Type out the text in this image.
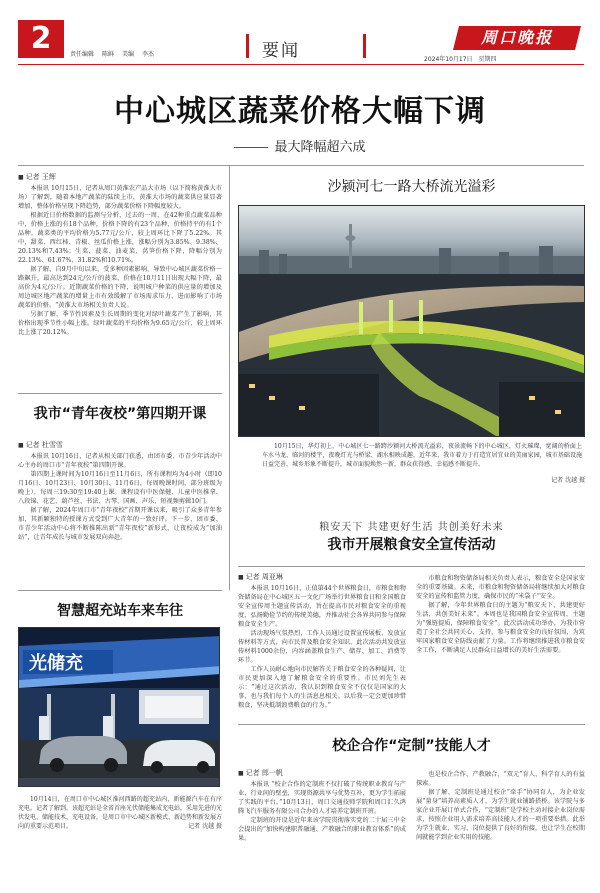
2	责任编辑 陈鲜 美编 李杰	要闻
周口晚报
2024年10月17日 星期四
中心城区蔬菜价格大幅下调
最大降幅超六成
■ 记者 王辉

本报讯 10月15日，记者从周口黄淮农产品大市场（以下简称黄淮大市场）了解到，随着本地产蔬菜的陆续上市，黄淮大市场的蔬菜供应量显著增加，整体价格呈现下降趋势，部分蔬菜价格下降幅度较大。

根据近日价格数据的监测与分析，过去的一周，在42种重点蔬菜品种中，价格上涨的有18个品种，价格下降的有23个品种，价格持平的有1个品种。蔬菜类的平均价格为5.77元/公斤，较上周环比下降了5.22%。其中，甜菜、西红柿、青椒、丝瓜价格上涨，涨幅分别为3.85%、9.38%、20.13%和7.43%；生菜、菠菜、油麦菜、莴笋价格下降，降幅分别为22.13%、61.67%、31.82%和10.71%。

据了解，自9月中旬以来，受多种因素影响，导致中心城区蔬菜价格一路飙升，最高达到24元/公斤的菠菜，价格在10月11日出现大幅下降，最高价为4元/公斤。近期蔬菜价格的下降，说明城户种菜的供应量的增加及周边城区地产蔬菜的增量上市有效缓解了市场需求压力，进而影响了市场蔬菜的价格。“黄淮大市场相关负责人说。

另据了解，季节性因素及生长周期的变化对绿叶蔬菜产生了影响，其价格出现季节性小幅上涨。绿叶蔬菜的平均价格为9.65元/公斤，较上周环比上涨了20.12%。

我市“青年夜校”第四期开课
■ 记者 杜雪雪

本报讯 10月16日，记者从相关部门获悉，由团市委、市青少年活动中心主办的周口市“青年夜校”第四期开课。

第四期上课时间为10月16日至11月6日，所有课程均为4小时（即10月16日、10月23日、10月30日、11月6日，每周晚课时间，部分班级为晚上），每周三19:30至19:40上课。课程设有中医保健、儿童中医推拿、八段锦、花艺、葫芦丝、书法、古琴、国画、声乐、短视频剪辑10门。

据了解，2024年周口市“青年夜校”首期开课以来，吸引了众多青年参加，其新颖独特的授课方式受到广大青年的一致好评。下一步，团市委、市青少年活动中心将不断推陈出新“青年夜校”新形式，让夜校成为“加油站”，让青年成长与城市发展双向奔赴。

智慧超充站车来车往
光储充
10月14日，在周口市中心城区淮河西路的超充站内，新能源汽车在有序充电。记者了解到，该超充站是全省首座光伏储能集成充电站，采用先进的光伏发电、储能技术、充电设备，是周口市中心城区新模式、新趋势和新发展方向的重要示范项目。	记者 沈越 摄
沙颍河七一路大桥流光溢彩
10月15日，华灯初上，中心城区七一路跨沙颍河大桥流光溢彩，夜景流畅下的中心城区，灯火璀璨，宽阔的桥面上车水马龙，临河的楼宇，夜晚灯光与桥梁、湖水相映成趣，近年来，我市着力于打造宜居宜业的美丽家园，城市基础设施日益完善，城乡形象不断提升，城市面貌焕然一新，群众获得感、幸福感不断提升。
记者 沈越 摄
粮安天下 共建更好生活 共创美好未来
我市开展粮食安全宣传活动
■ 记者 周亚琳

本报讯 10月16日，正值第44个世界粮食日，市粮食和物资储备局在中心城区五一文化广场举行世界粮食日和全国粮食安全宣传周主题宣传活动，旨在提高市民对粮食安全的重视度，弘扬勤俭节约的传统美德，并推动社会各界共同参与保障粮食安全生产。

活动现场气氛热烈，工作人员通过设置宣传展板、发放宣传材料等方式，向市民普及粮食安全知识，此次活动共发放宣传材料1000余份，内容涵盖粮食生产、储存、加工、消费等环节。

工作人员耐心地向市民解答关于粮食安全的各种疑问，让市民更加深入地了解粮食安全的重要性。市民刘先生表示：“通过这次活动，我认识到粮食安全不仅仅是国家的大事，也与我们每个人的生活息息相关。以后我一定会更加珍惜粮食，坚决抵制浪费粮食的行为。”

市粮食和物资储备局相关负责人表示，粮食安全是国家安全的重要基础。未来，市粮食和物资储备局将继续加大对粮食安全的宣传和监管力度，确保市民的“米袋子”安全。

据了解，今年世界粮食日的主题为“粮安天下，共建更好生活，共创美好未来”。本周也是我国粮食安全宣传周，主题为“强链提质，保障粮食安全”。此次活动成功举办，为我市营造了全社会共同关心、支持、参与粮食安全的良好氛围，为筑牢国家粮食安全防线贡献了力量。工作将继续推进我市粮食安全工作，不断满足人民群众日益增长的美好生活需要。

校企合作“定制”技能人才
■ 记者 郎一帆

本报讯 “校企合作的定制班不仅打破了传统职业教育与产业、行业间的壁垒，实现资源共享与优势互补，更为学生拓展了实践的平台。”10月13日，周口交通技师学院和周口汇久鸿腾飞汽车服务有限公司合办的人才培养定制班开班。

定制班的开设是近年来该学院贯彻落实党的二十届三中全会提出的“加快构建职普融通、产教融合的职业教育体系”的成果。

也是校企合作、产教融合、“双元”育人、科学育人的有益探索。

据了解，定制班是通过校企“牵手”协同育人，为企业发展“量身”培养高素质人才，为学生就业铺路搭桥。该学院与多家企业开展订单式合作，“定制班”是学校主动对接企业岗位需求，按照企业用人需求培养高技能人才的一项重要举措。此举为学生就业、实习、岗位提供了良好的衔接，也让学生在校期间就能学到企业实用的技能。
